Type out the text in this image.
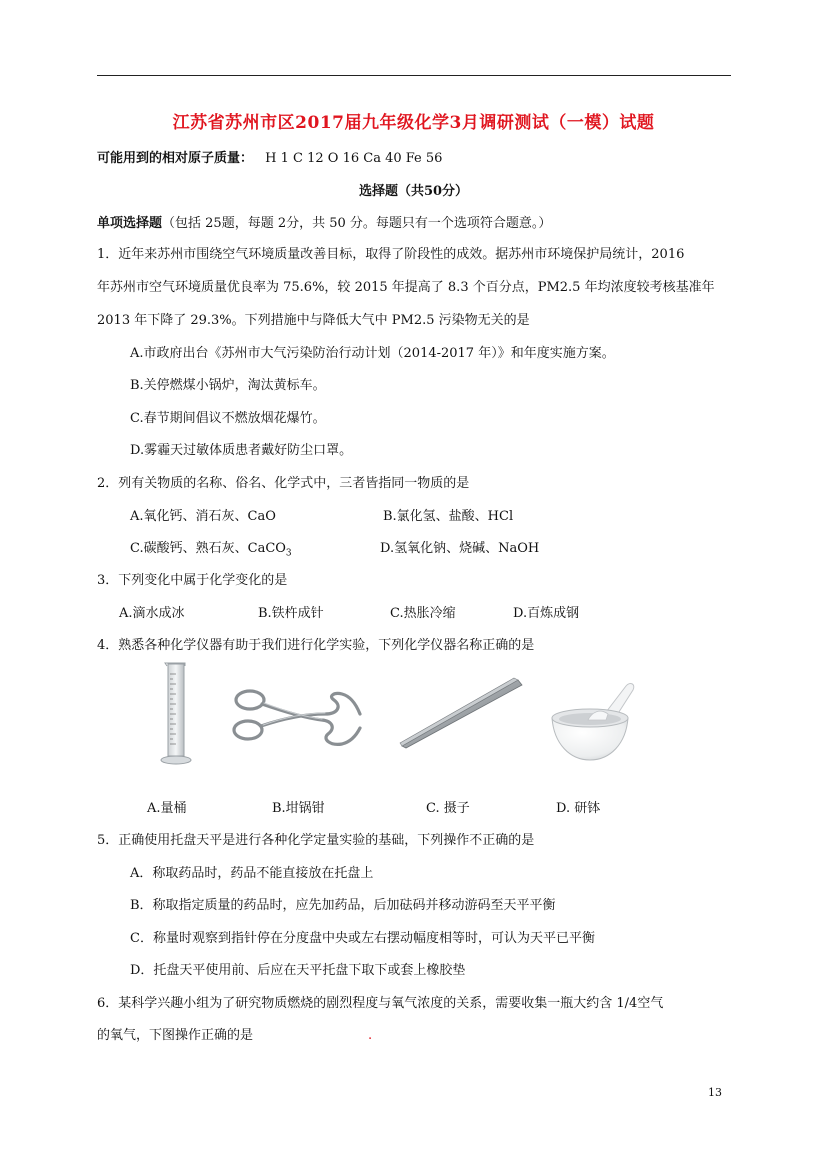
江苏省苏州市区2017届九年级化学3月调研测试（一模）试题
可能用到的相对原子质量： H 1 C 12 O 16 Ca 40 Fe 56
选择题（共50分）
单项选择题（包括 25题，每题 2分，共 50 分。每题只有一个选项符合题意。）
1．近年来苏州市围绕空气环境质量改善目标，取得了阶段性的成效。据苏州市环境保护局统计，2016
年苏州市空气环境质量优良率为 75.6%，较 2015 年提高了 8.3 个百分点，PM2.5 年均浓度较考核基准年
2013 年下降了 29.3%。下列措施中与降低大气中 PM2.5 污染物无关的是
A.市政府出台《苏州市大气污染防治行动计划（2014-2017 年）》和年度实施方案。
B.关停燃煤小锅炉，淘汰黄标车。
C.春节期间倡议不燃放烟花爆竹。
D.雾霾天过敏体质患者戴好防尘口罩。
2．列有关物质的名称、俗名、化学式中，三者皆指同一物质的是
A.氧化钙、消石灰、CaO	B.氯化氢、盐酸、HCl
C.碳酸钙、熟石灰、CaCO$_3$	D.氢氧化钠、烧碱、NaOH
3．下列变化中属于化学变化的是
A.滴水成冰	B.铁杵成针	C.热胀冷缩	D.百炼成钢
4．熟悉各种化学仪器有助于我们进行化学实验，下列化学仪器名称正确的是
A.量桶	B.坩锅钳	C. 摄子	D. 研钵
5．正确使用托盘天平是进行各种化学定量实验的基础，下列操作不正确的是
A．称取药品时，药品不能直接放在托盘上
B．称取指定质量的药品时，应先加药品，后加砝码并移动游码至天平平衡
C．称量时观察到指针停在分度盘中央或左右摆动幅度相等时，可认为天平已平衡
D．托盘天平使用前、后应在天平托盘下取下或套上橡胶垫
6．某科学兴趣小组为了研究物质燃烧的剧烈程度与氧气浓度的关系，需要收集一瓶大约含 1/4空气
的氧气，下图操作正确的是	.
13
